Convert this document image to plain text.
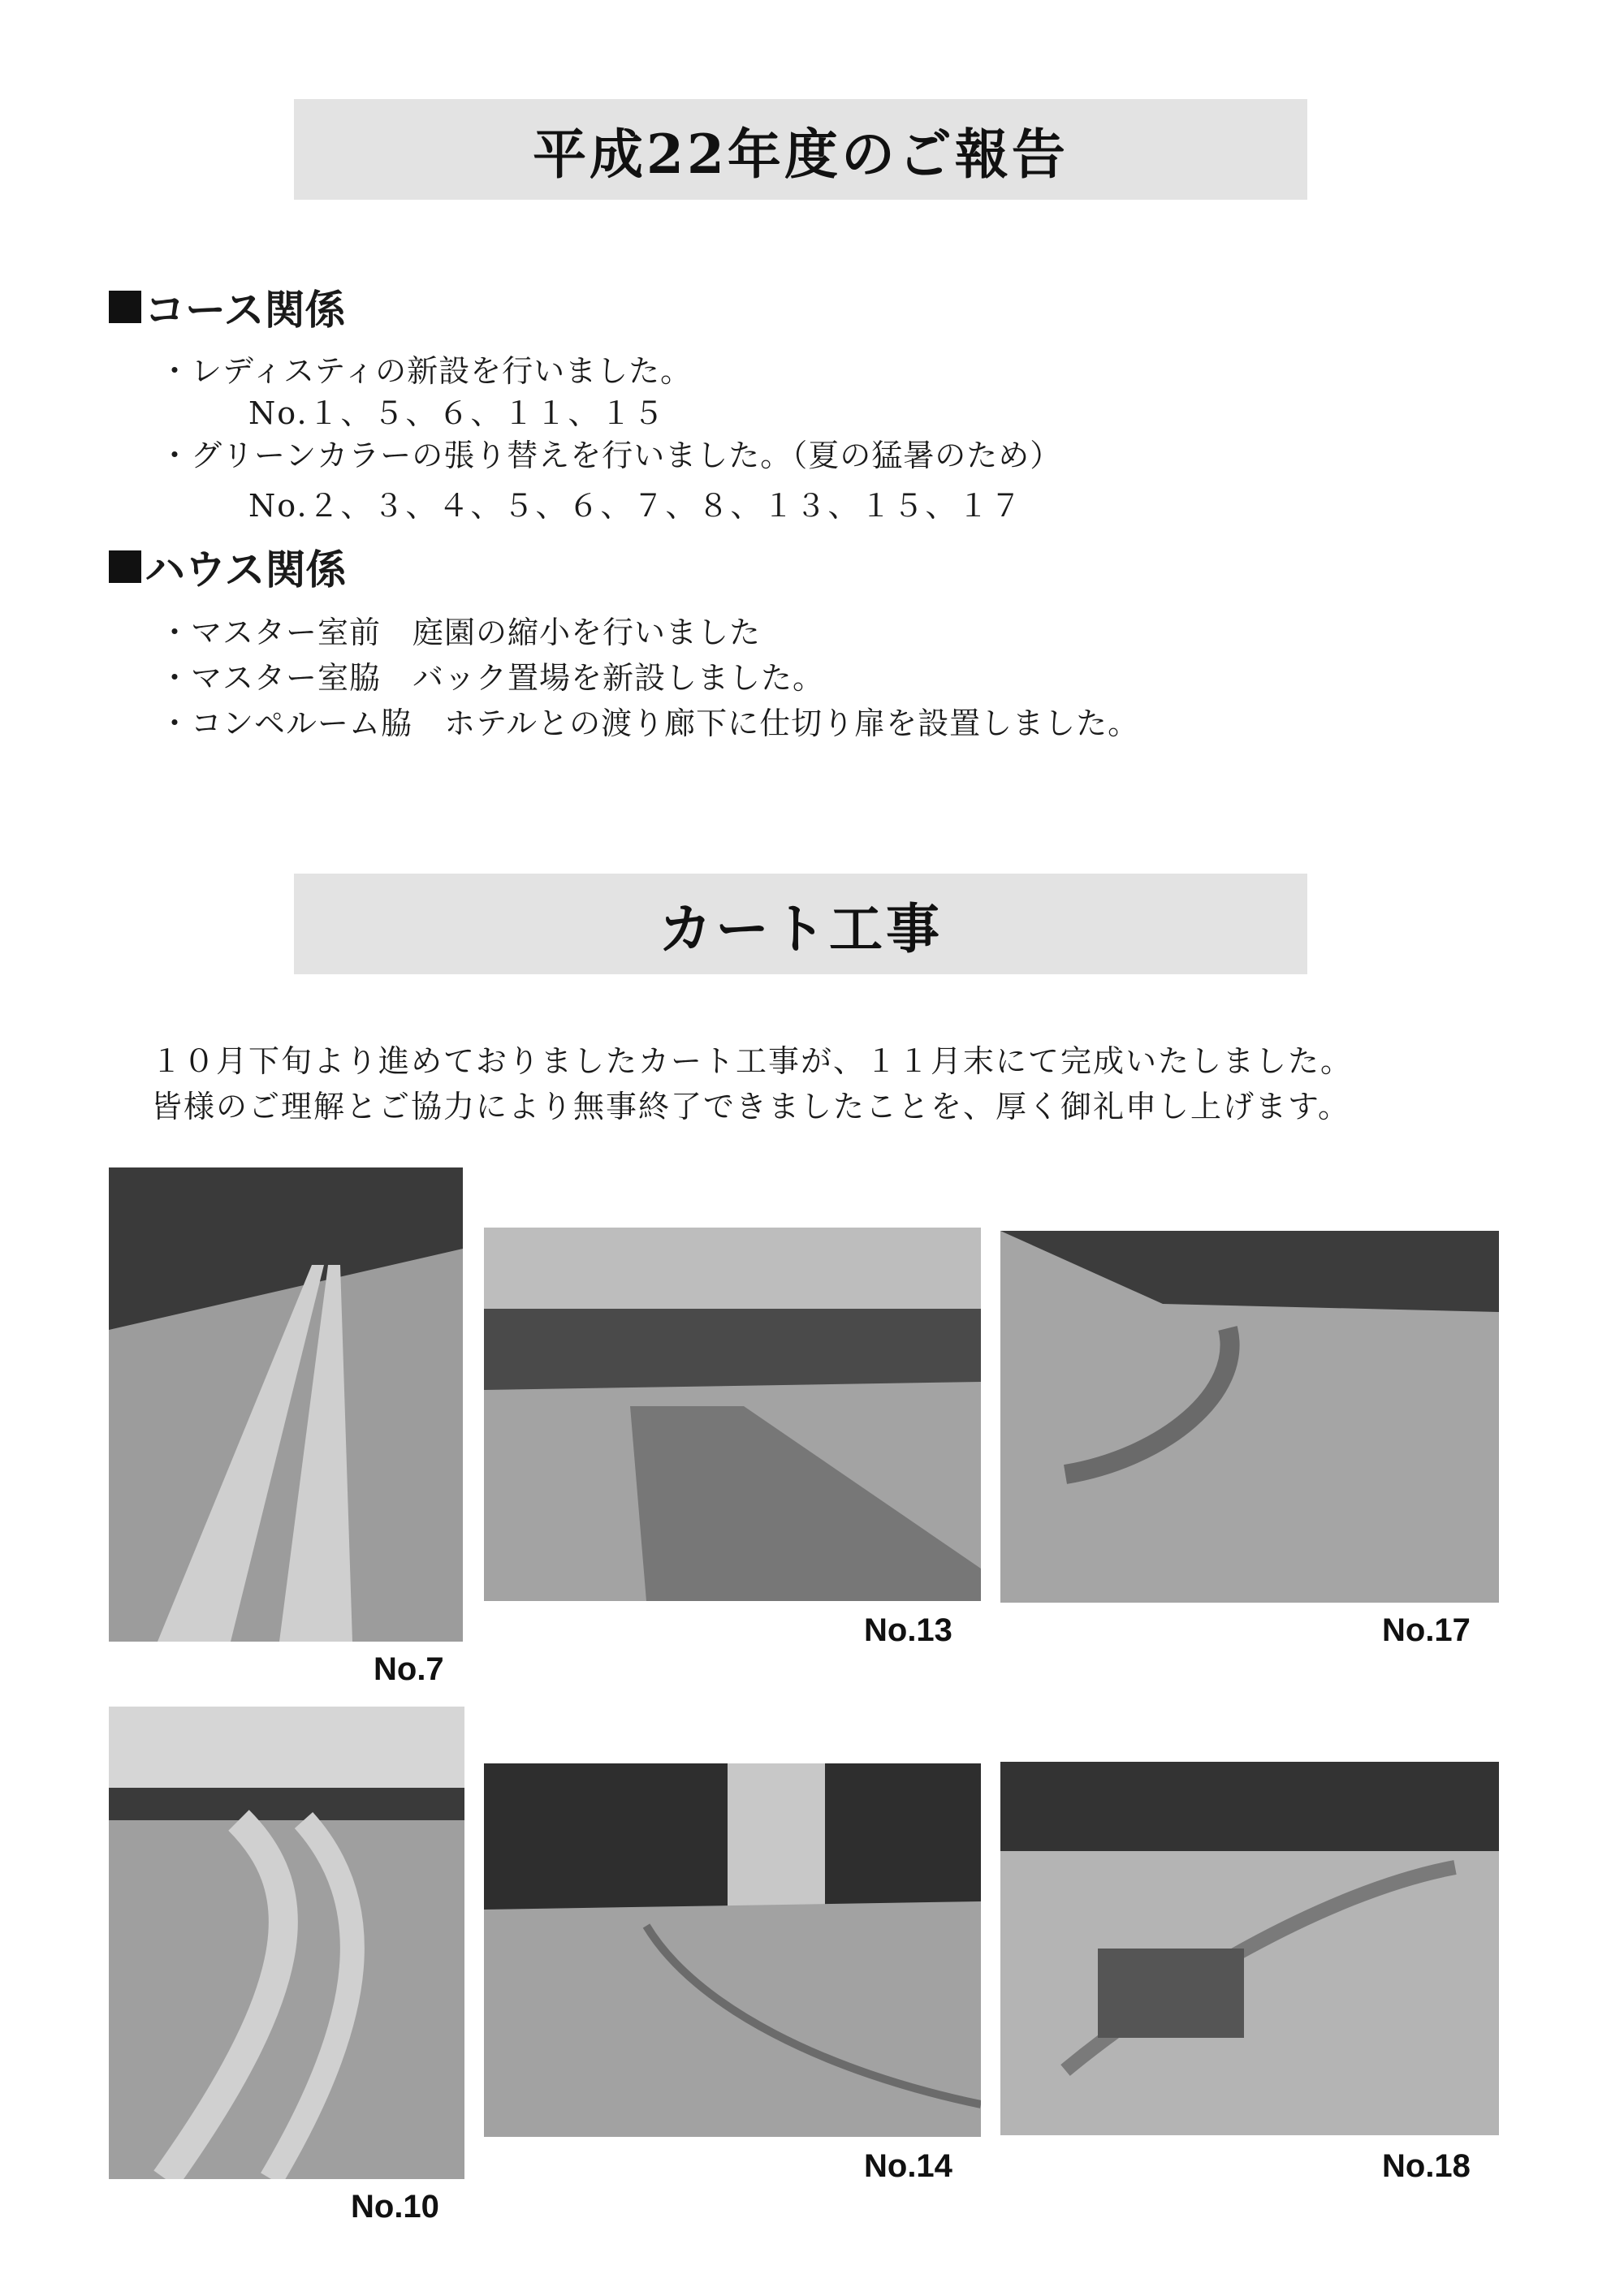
平成22年度のご報告
コース関係
・レディスティの新設を行いました。
No.１、５、６、１１、１５
・グリーンカラーの張り替えを行いました。（夏の猛暑のため）
No.２、３、４、５、６、７、８、１３、１５、１７
ハウス関係
・マスター室前　庭園の縮小を行いました
・マスター室脇　バック置場を新設しました。
・コンペルーム脇　ホテルとの渡り廊下に仕切り扉を設置しました。
カート工事
１０月下旬より進めておりましたカート工事が、１１月末にて完成いたしました。
皆様のご理解とご協力により無事終了できましたことを、厚く御礼申し上げます。
No.7
No.13	No.17
No.10
No.14	No.18
